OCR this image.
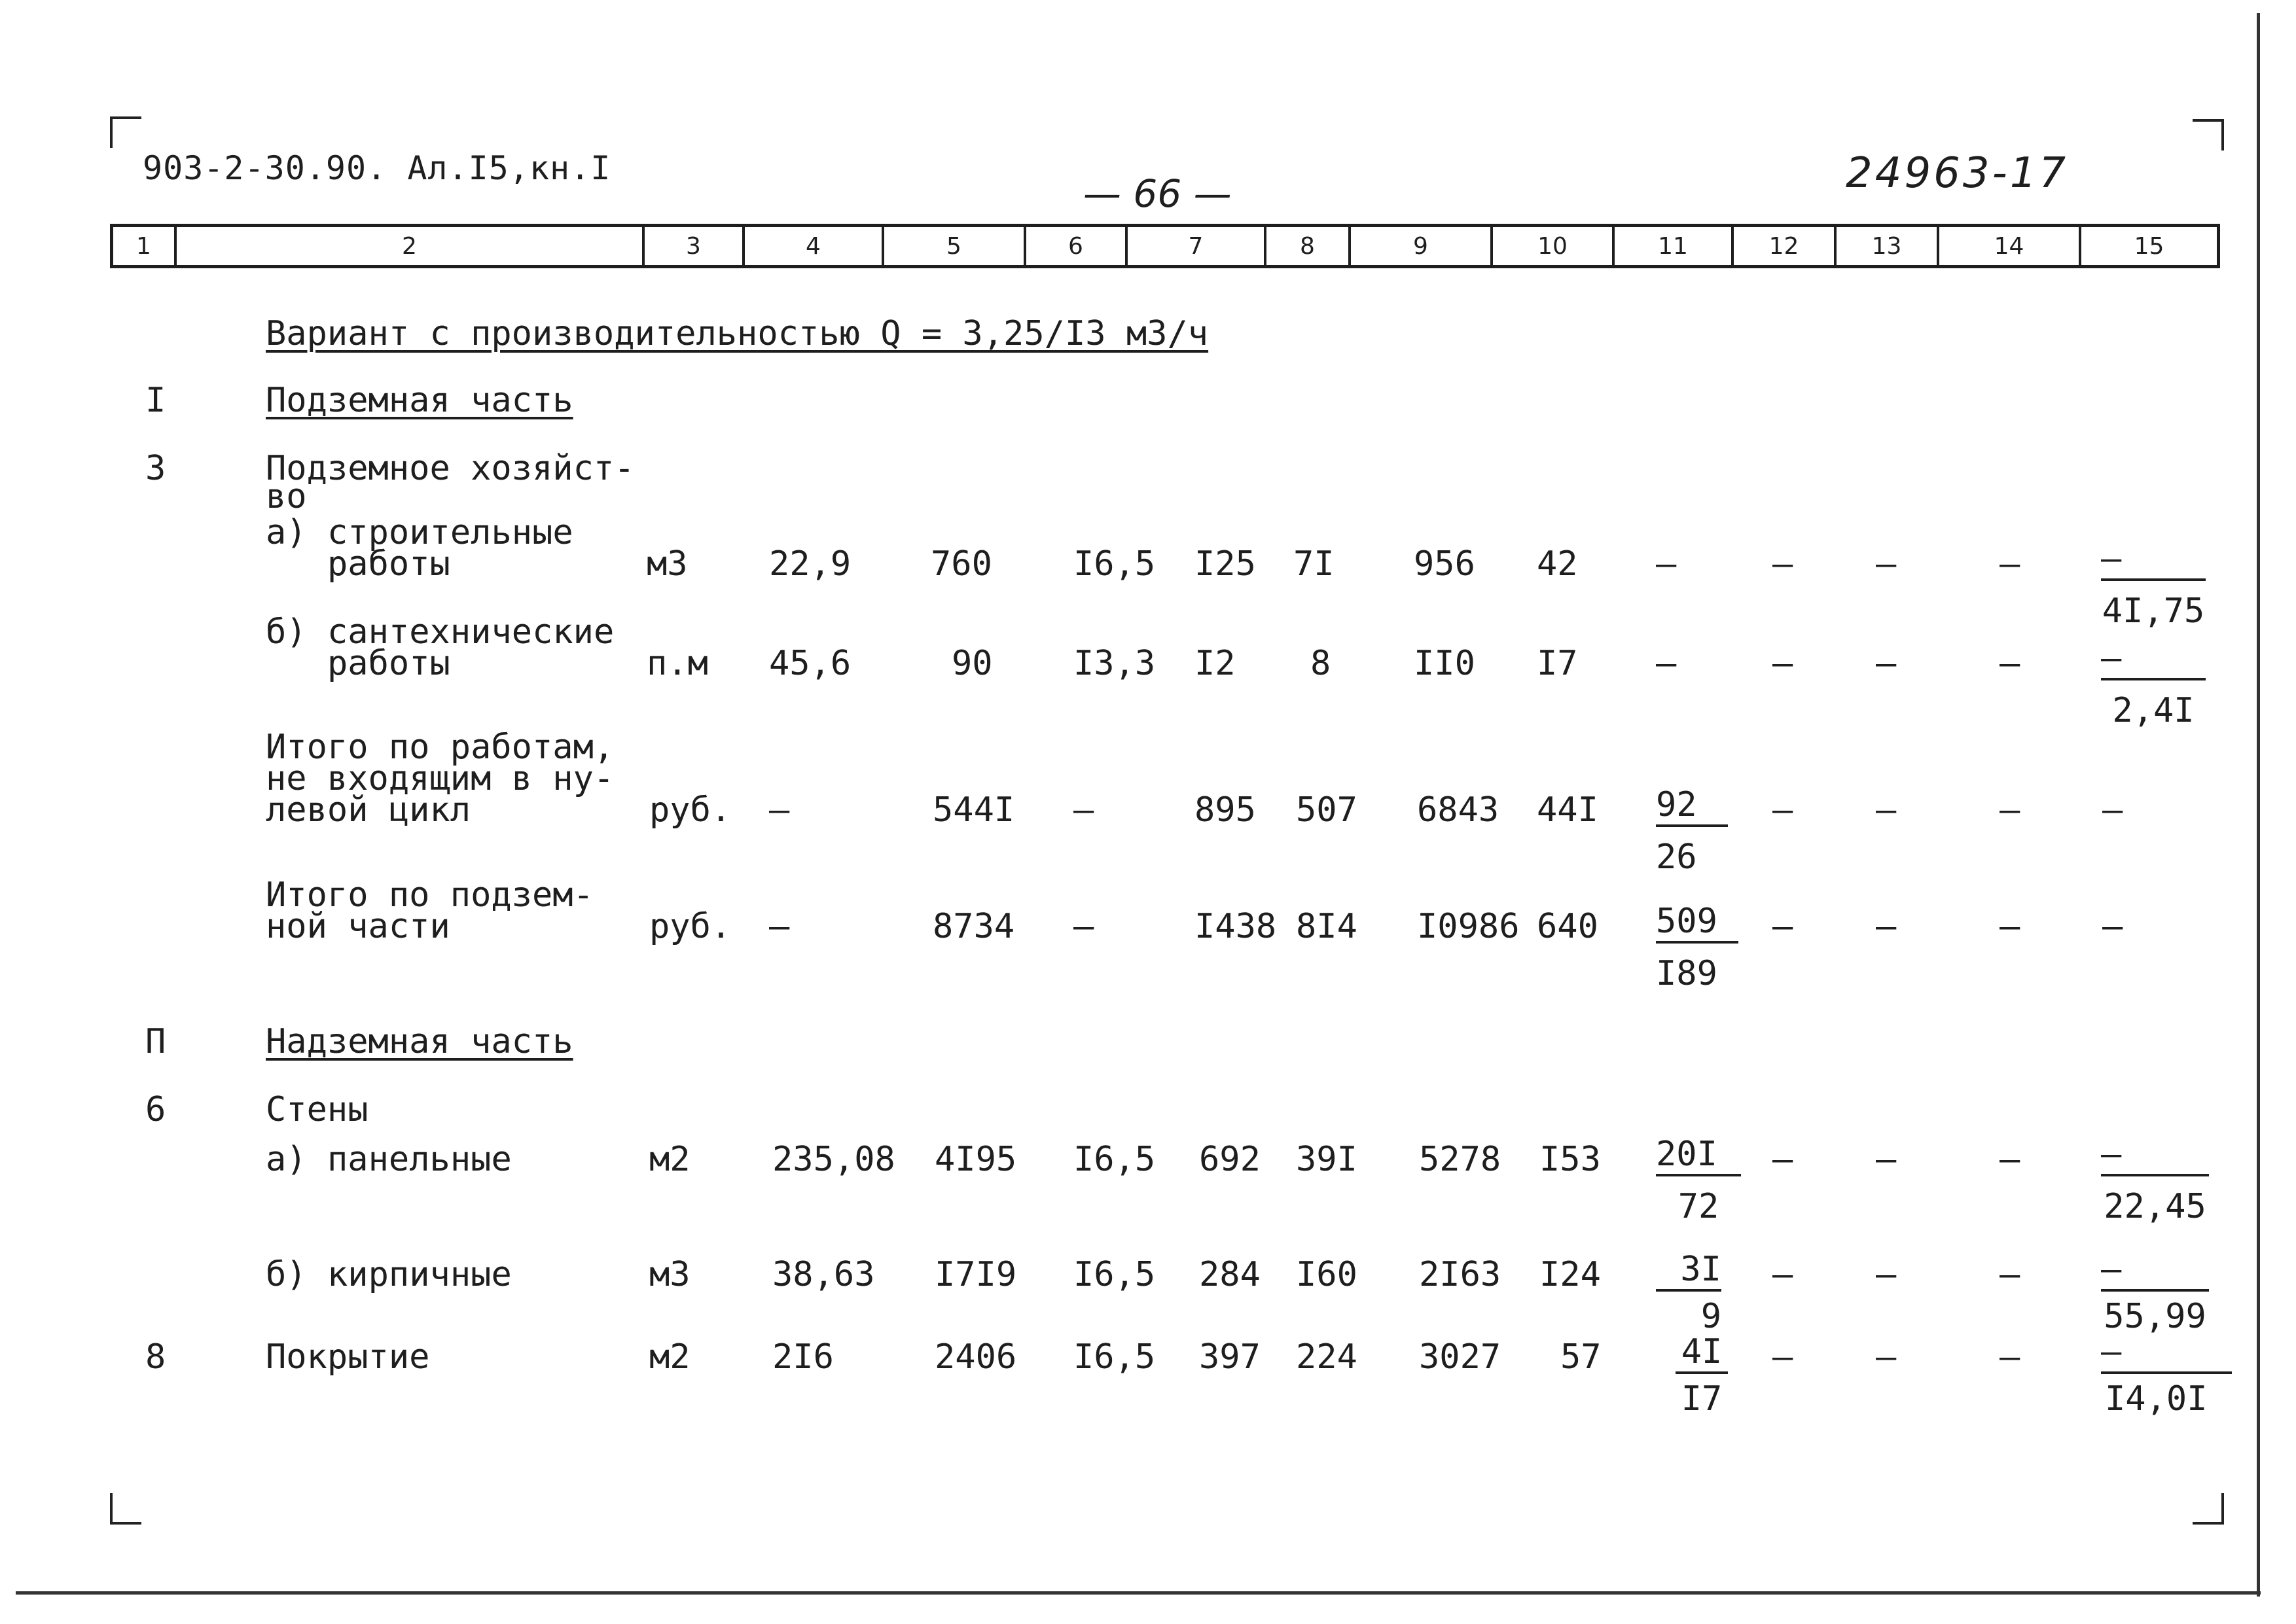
903-2-30.90. Ал.I5,кн.I
— 66 —	24963-17
1	2	3	4	5	6	7	8	9	10	11	12	13	14	15
Вариант с производительностью Q = 3,25/I3 м3/ч
I	Подземная часть
3	Подземное хозяйст-
во
а) строительные
работы	м3 22,9 760 I6,5 I25 7I 956 42 –	– –	– –
4I,75
б) сантехнические
работы	п.м 45,6	90 I3,3 I2 8 II0 I7 –	– –	– –
2,4I
Итого по работам,
не входящим в ну-
левой цикл	руб. –	544I –	895 507 6843 $44I \frac{92}{26}$ – –	– –
Итого по подзем-
ной части	руб. –	8734 –	I438 8I4 I0986 $640 \frac{509}{I89}$ – –	– –
П	Надземная часть
6	Стены
а) панельные	м2 235,08 4I95 I6,5 692 39I 5278 $I53 \frac{20I}{72}$ – –	– –
22,45
б) кирпичные	м3 38,63 I7I9 I6,5 284 I60 2I63 $I24 \frac{3I}{9}$ – –	– –
55,99
8	Покрытие	м2 2I6	2406 I6,5 397 224 3027 $57 \frac{4I}{I7}$ – –	– –
I4,0I
